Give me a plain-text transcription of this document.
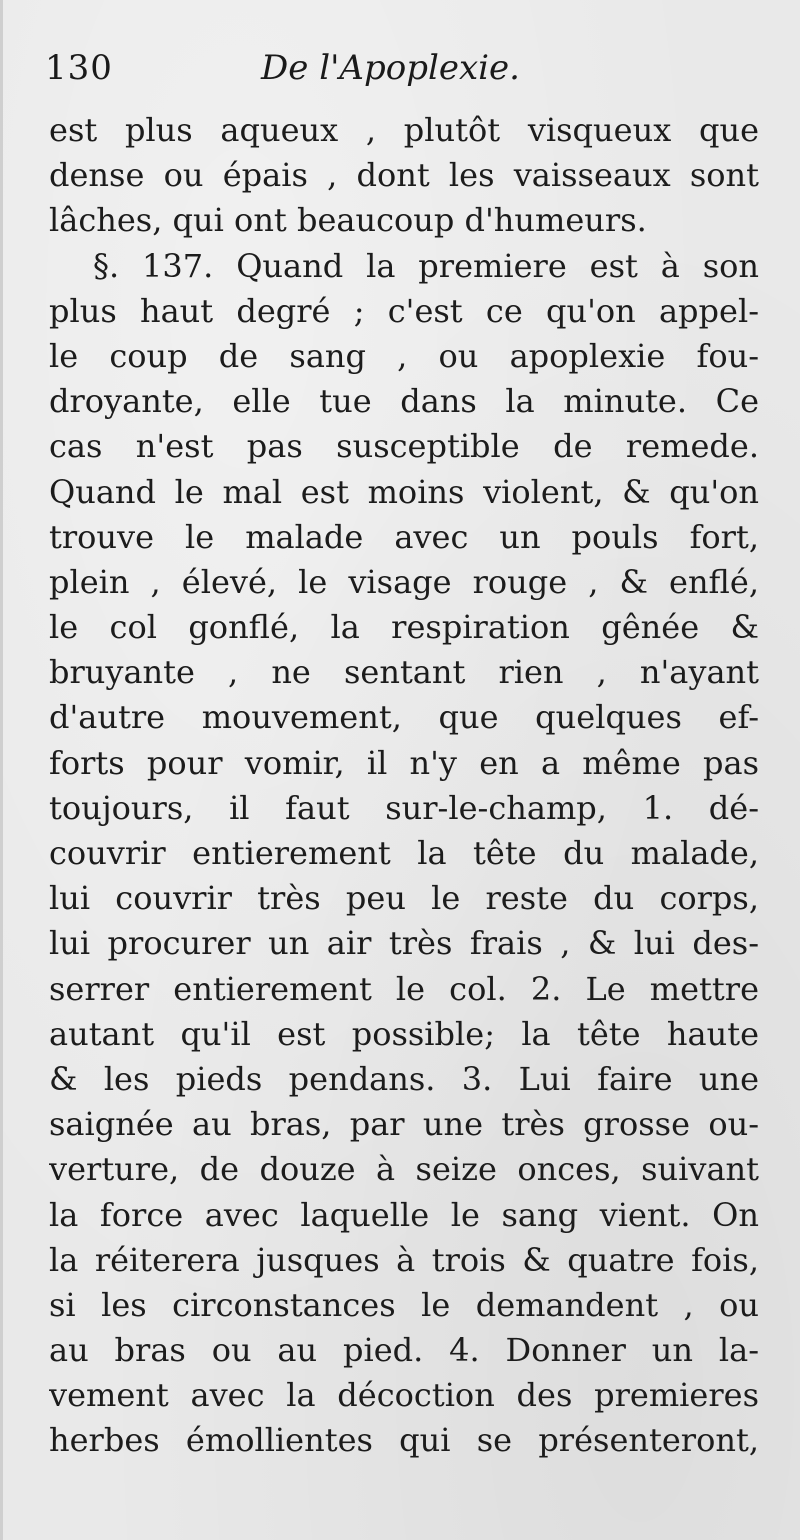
130	De l'Apoplexie.
est plus aqueux , plutôt visqueux que
dense ou épais , dont les vaisseaux sont
lâches, qui ont beaucoup d'humeurs.
§. 137. Quand la premiere est à son
plus haut degré ; c'est ce qu'on appel-
le coup de sang , ou apoplexie fou-
droyante, elle tue dans la minute. Ce
cas n'est pas susceptible de remede.
Quand le mal est moins violent, & qu'on
trouve le malade avec un pouls fort,
plein , élevé, le visage rouge , & enflé,
le col gonflé, la respiration gênée &
bruyante , ne sentant rien , n'ayant
d'autre mouvement, que quelques ef-
forts pour vomir, il n'y en a même pas
toujours, il faut sur-le-champ, 1. dé-
couvrir entierement la tête du malade,
lui couvrir très peu le reste du corps,
lui procurer un air très frais , & lui des-
serrer entierement le col. 2. Le mettre
autant qu'il est possible; la tête haute
& les pieds pendans. 3. Lui faire une
saignée au bras, par une très grosse ou-
verture, de douze à seize onces, suivant
la force avec laquelle le sang vient. On
la réiterera jusques à trois & quatre fois,
si les circonstances le demandent , ou
au bras ou au pied. 4. Donner un la-
vement avec la décoction des premieres
herbes émollientes qui se présenteront,
